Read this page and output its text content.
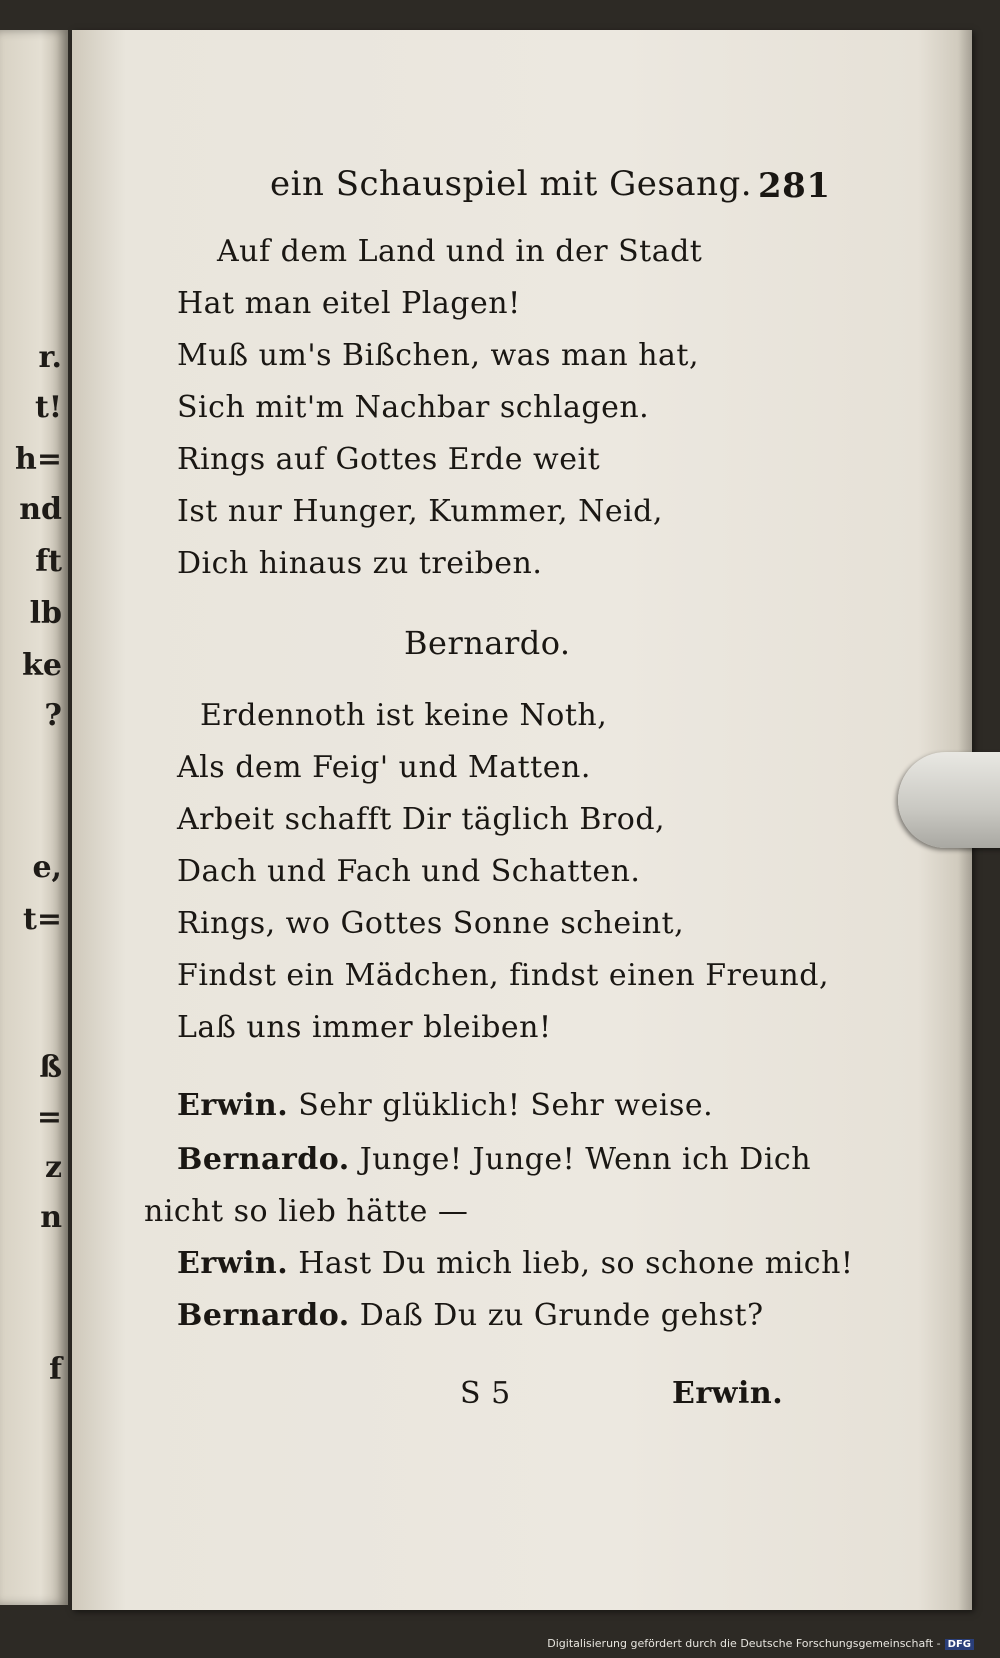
r.
t!
h=
nd
ft
lb
ke
?
e,
t=
ß
=
z
n
f
ein Schauspiel mit Gesang. 281
Auf dem Land und in der Stadt
Hat man eitel Plagen!
Muß um's Bißchen, was man hat,
Sich mit'm Nachbar schlagen.
Rings auf Gottes Erde weit
Ist nur Hunger, Kummer, Neid,
Dich hinaus zu treiben.
Bernardo.
Erdennoth ist keine Noth,
Als dem Feig' und Matten.
Arbeit schafft Dir täglich Brod,
Dach und Fach und Schatten.
Rings, wo Gottes Sonne scheint,
Findst ein Mädchen, findst einen Freund,
Laß uns immer bleiben!
Erwin. Sehr glüklich! Sehr weise.
Bernardo. Junge! Junge! Wenn ich Dich
nicht so lieb hätte —
Erwin. Hast Du mich lieb, so schone mich!
Bernardo. Daß Du zu Grunde gehst?
S 5	Erwin.
Digitalisierung gefördert durch die Deutsche Forschungsgemeinschaft - DFG
